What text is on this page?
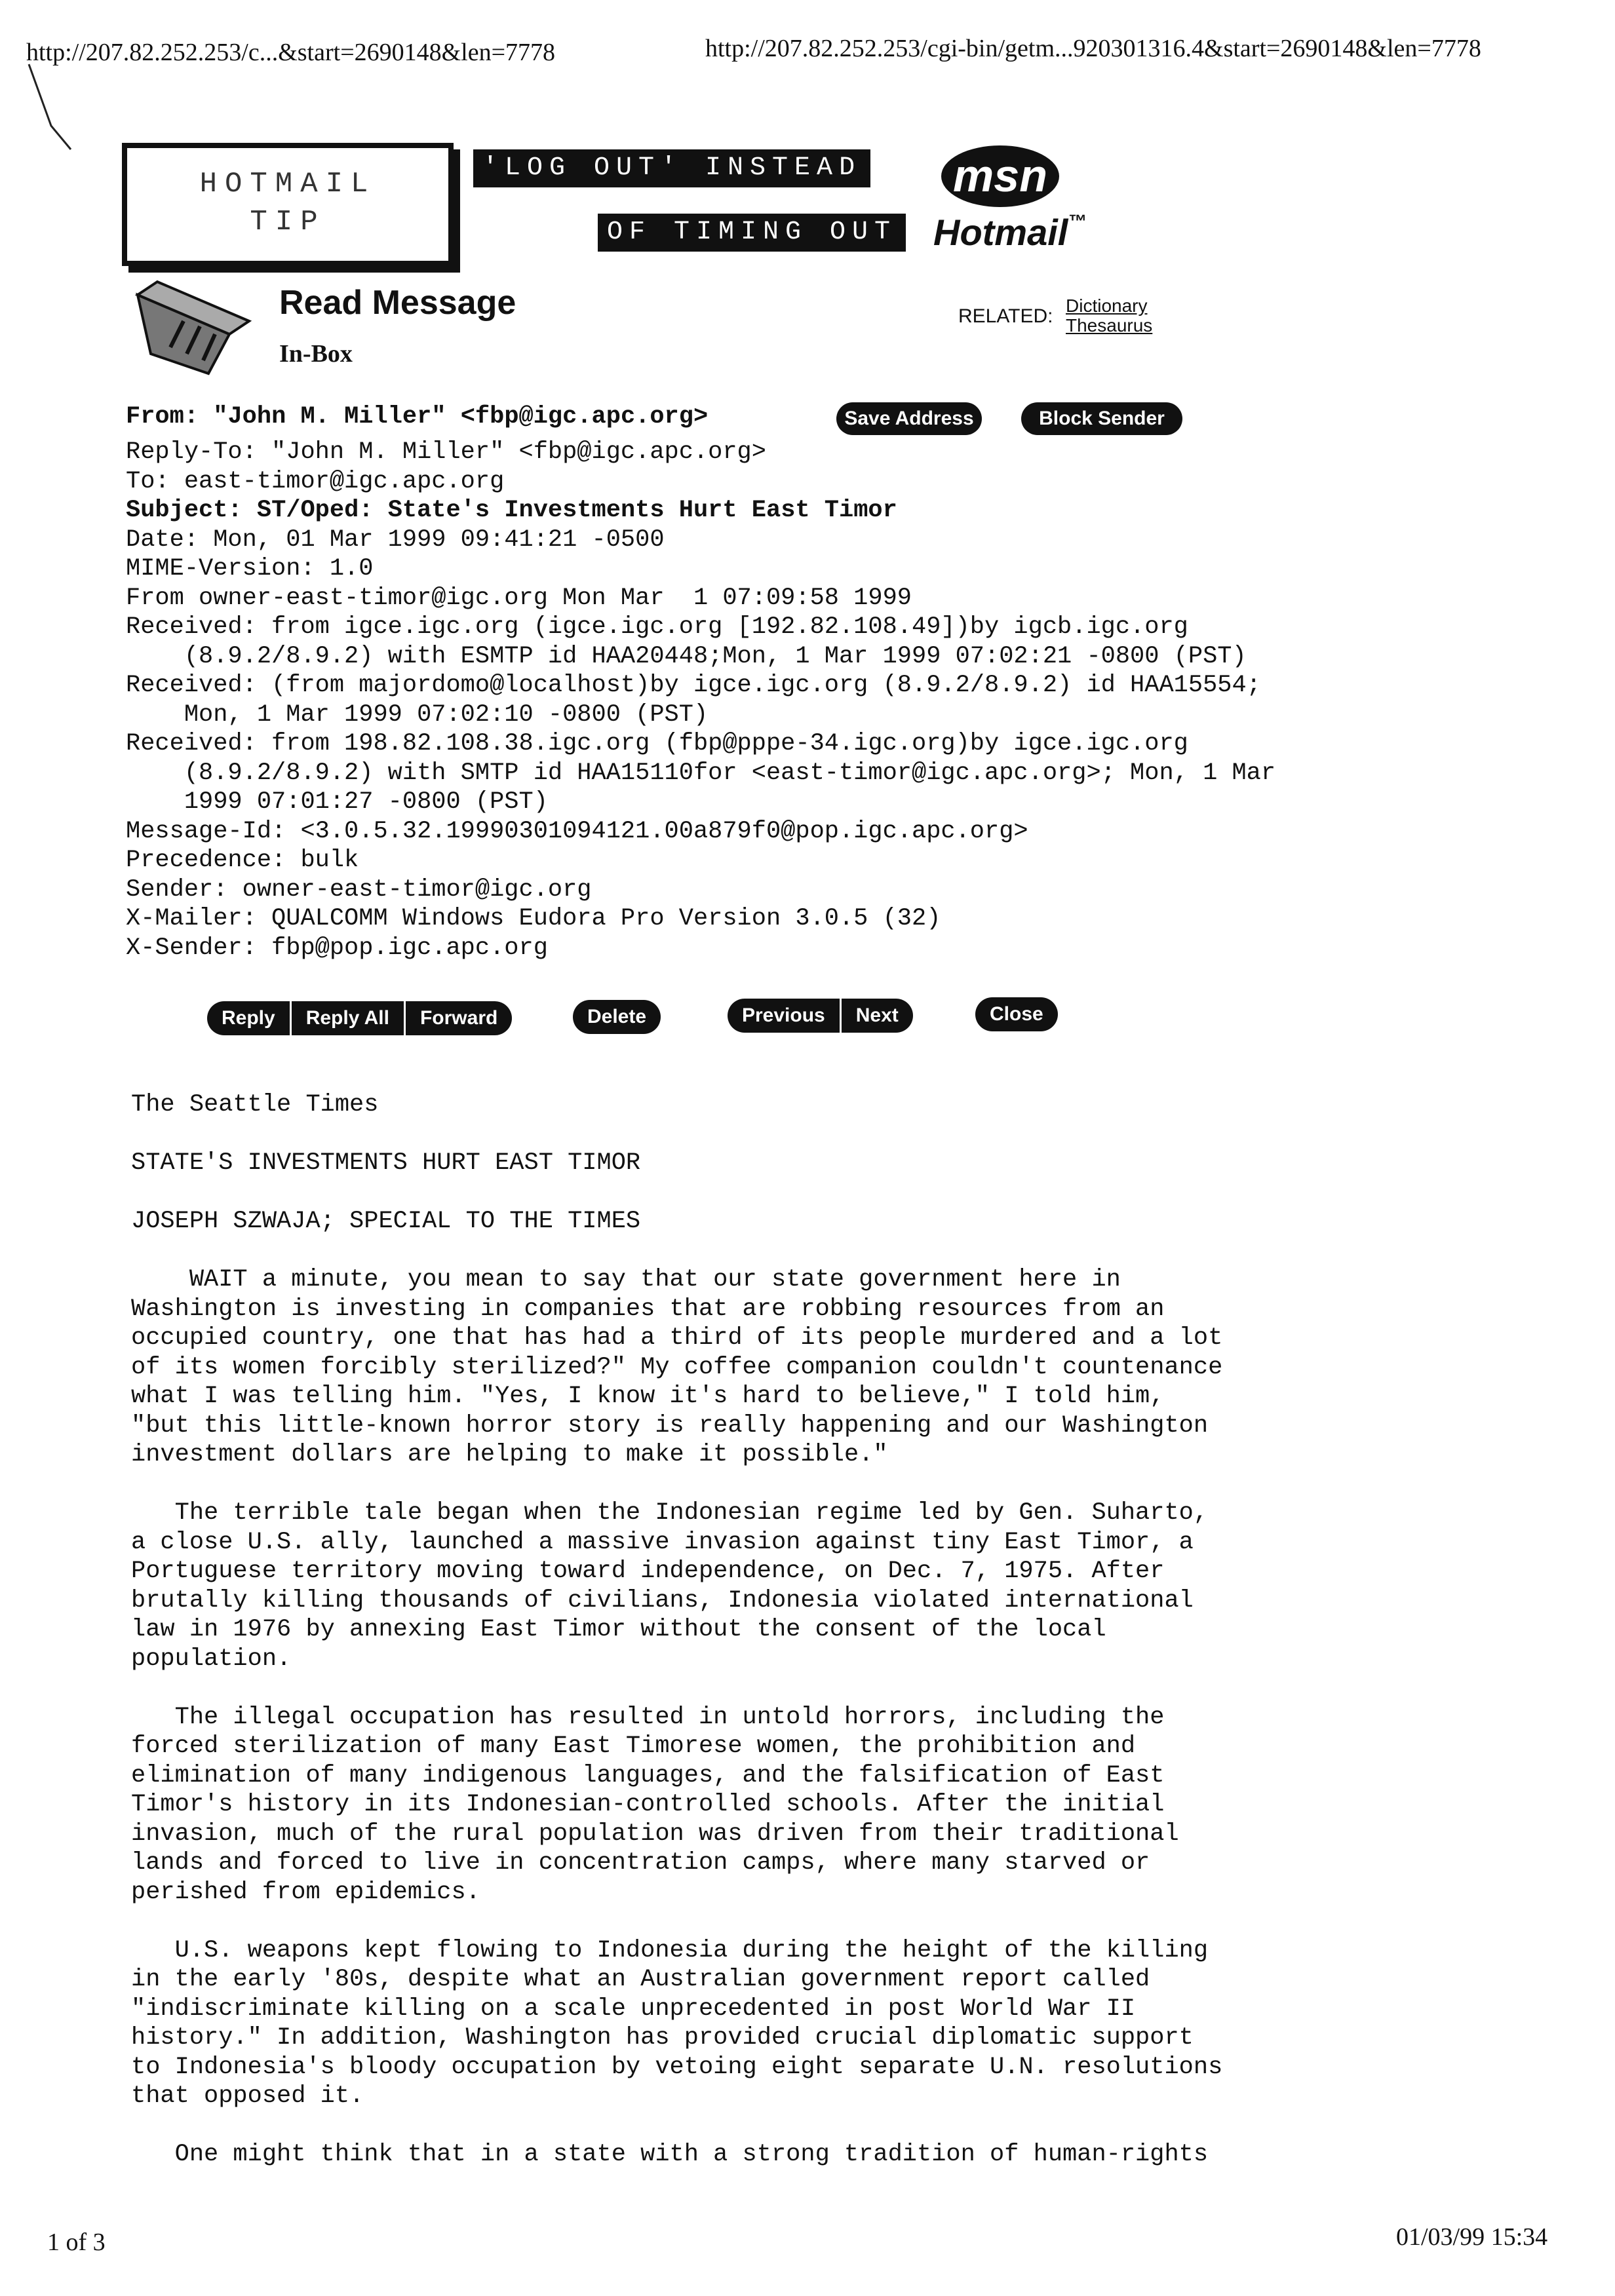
http://207.82.252.253/c...&start=2690148&len=7778	http://207.82.252.253/cgi-bin/getm...920301316.4&start=2690148&len=7778
HOTMAIL
TIP
'LOG OUT' INSTEAD
OF TIMING OUT
msn
Hotmail™
Read Message
In-Box
RELATED: Dictionary
Thesaurus
From: "John M. Miller" <fbp@igc.apc.org>	Save Address	Block Sender
Reply-To: "John M. Miller" <fbp@igc.apc.org>
To: east-timor@igc.apc.org
Subject: ST/Oped: State's Investments Hurt East Timor
Date: Mon, 01 Mar 1999 09:41:21 -0500
MIME-Version: 1.0
From owner-east-timor@igc.org Mon Mar  1 07:09:58 1999
Received: from igce.igc.org (igce.igc.org [192.82.108.49])by igcb.igc.org
(8.9.2/8.9.2) with ESMTP id HAA20448;Mon, 1 Mar 1999 07:02:21 -0800 (PST)
Received: (from majordomo@localhost)by igce.igc.org (8.9.2/8.9.2) id HAA15554;
Mon, 1 Mar 1999 07:02:10 -0800 (PST)
Received: from 198.82.108.38.igc.org (fbp@pppe-34.igc.org)by igce.igc.org
(8.9.2/8.9.2) with SMTP id HAA15110for <east-timor@igc.apc.org>; Mon, 1 Mar
1999 07:01:27 -0800 (PST)
Message-Id: <3.0.5.32.19990301094121.00a879f0@pop.igc.apc.org>
Precedence: bulk
Sender: owner-east-timor@igc.org
X-Mailer: QUALCOMM Windows Eudora Pro Version 3.0.5 (32)
X-Sender: fbp@pop.igc.apc.org
Reply	Reply All	Forward	Delete	Previous	Next	Close
The Seattle Times

STATE'S INVESTMENTS HURT EAST TIMOR

JOSEPH SZWAJA; SPECIAL TO THE TIMES

WAIT a minute, you mean to say that our state government here in
Washington is investing in companies that are robbing resources from an
occupied country, one that has had a third of its people murdered and a lot
of its women forcibly sterilized?" My coffee companion couldn't countenance
what I was telling him. "Yes, I know it's hard to believe," I told him,
"but this little-known horror story is really happening and our Washington
investment dollars are helping to make it possible."

The terrible tale began when the Indonesian regime led by Gen. Suharto,
a close U.S. ally, launched a massive invasion against tiny East Timor, a
Portuguese territory moving toward independence, on Dec. 7, 1975. After
brutally killing thousands of civilians, Indonesia violated international
law in 1976 by annexing East Timor without the consent of the local
population.

The illegal occupation has resulted in untold horrors, including the
forced sterilization of many East Timorese women, the prohibition and
elimination of many indigenous languages, and the falsification of East
Timor's history in its Indonesian-controlled schools. After the initial
invasion, much of the rural population was driven from their traditional
lands and forced to live in concentration camps, where many starved or
perished from epidemics.

U.S. weapons kept flowing to Indonesia during the height of the killing
in the early '80s, despite what an Australian government report called
"indiscriminate killing on a scale unprecedented in post World War II
history." In addition, Washington has provided crucial diplomatic support
to Indonesia's bloody occupation by vetoing eight separate U.N. resolutions
that opposed it.

One might think that in a state with a strong tradition of human-rights
1 of 3	01/03/99 15:34
